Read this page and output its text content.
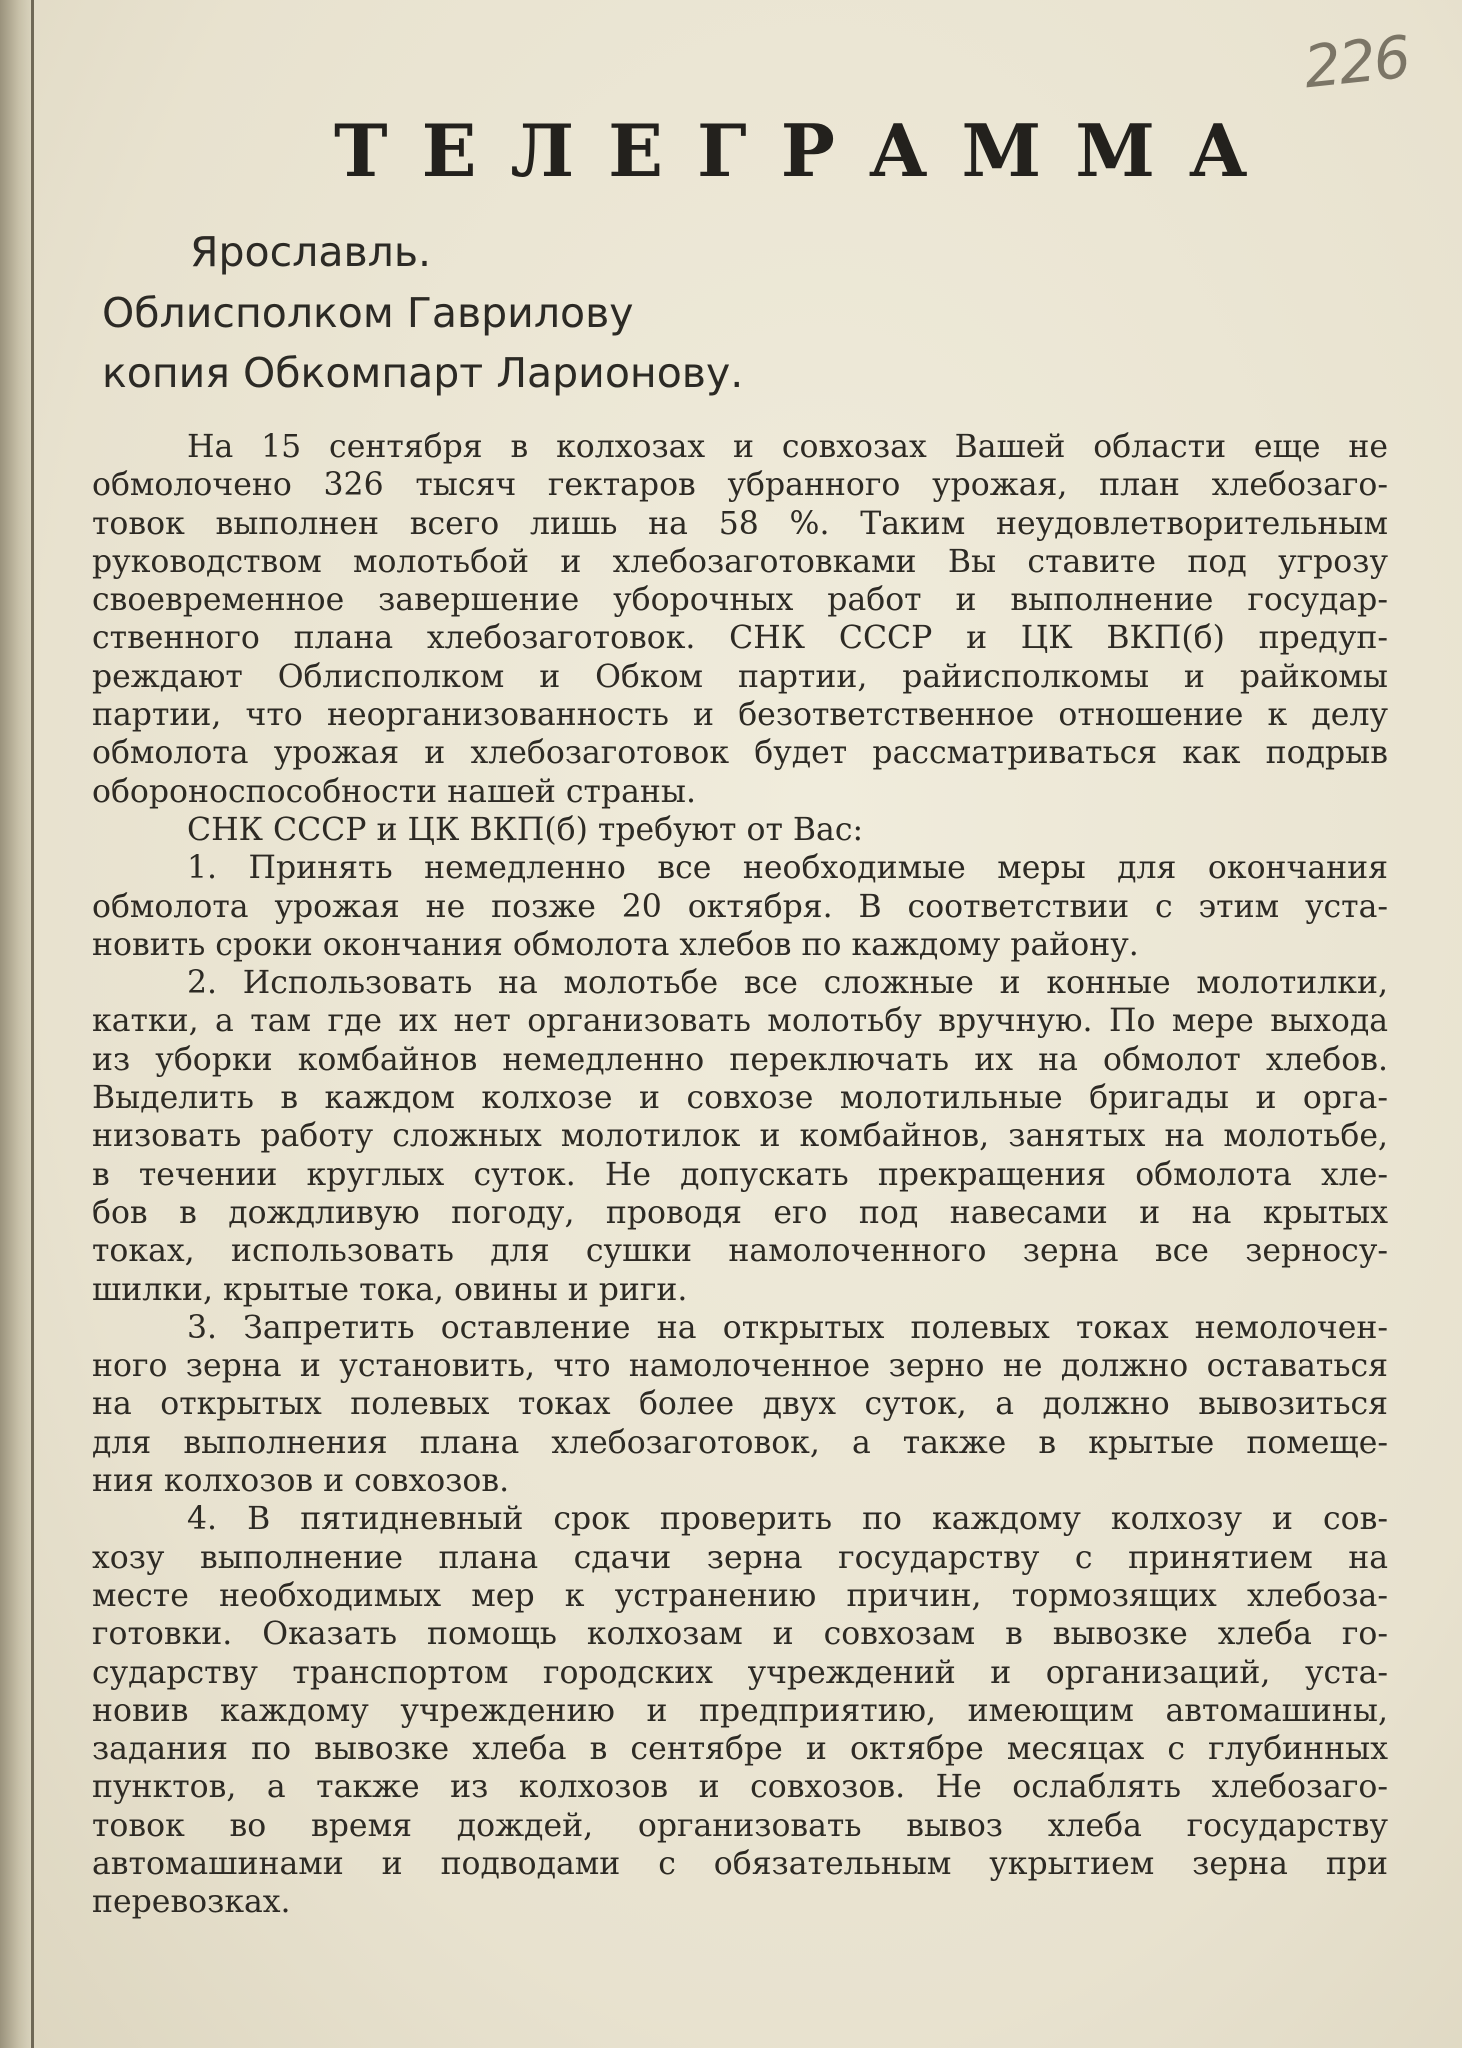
226
ТЕЛЕГРАММА
Ярославль.
Облисполком Гаврилову
копия Обкомпарт Ларионову.
На 15 сентября в колхозах и совхозах Вашей области еще не
обмолочено 326 тысяч гектаров убранного урожая, план хлебозаго-
товок выполнен всего лишь на 58 %. Таким неудовлетворительным
руководством молотьбой и хлебозаготовками Вы ставите под угрозу
своевременное завершение уборочных работ и выполнение государ-
ственного плана хлебозаготовок. СНК СССР и ЦК ВКП(б) предуп-
реждают Облисполком и Обком партии, райисполкомы и райкомы
партии, что неорганизованность и безответственное отношение к делу
обмолота урожая и хлебозаготовок будет рассматриваться как подрыв
обороноспособности нашей страны.
СНК СССР и ЦК ВКП(б) требуют от Вас:
1. Принять немедленно все необходимые меры для окончания
обмолота урожая не позже 20 октября. В соответствии с этим уста-
новить сроки окончания обмолота хлебов по каждому району.
2. Использовать на молотьбе все сложные и конные молотилки,
катки, а там где их нет организовать молотьбу вручную. По мере выхода
из уборки комбайнов немедленно переключать их на обмолот хлебов.
Выделить в каждом колхозе и совхозе молотильные бригады и орга-
низовать работу сложных молотилок и комбайнов, занятых на молотьбе,
в течении круглых суток. Не допускать прекращения обмолота хле-
бов в дождливую погоду, проводя его под навесами и на крытых
токах, использовать для сушки намолоченного зерна все зерносу-
шилки, крытые тока, овины и риги.
3. Запретить оставление на открытых полевых токах немолочен-
ного зерна и установить, что намолоченное зерно не должно оставаться
на открытых полевых токах более двух суток, а должно вывозиться
для выполнения плана хлебозаготовок, а также в крытые помеще-
ния колхозов и совхозов.
4. В пятидневный срок проверить по каждому колхозу и сов-
хозу выполнение плана сдачи зерна государству с принятием на
месте необходимых мер к устранению причин, тормозящих хлебоза-
готовки. Оказать помощь колхозам и совхозам в вывозке хлеба го-
сударству транспортом городских учреждений и организаций, уста-
новив каждому учреждению и предприятию, имеющим автомашины,
задания по вывозке хлеба в сентябре и октябре месяцах с глубинных
пунктов, а также из колхозов и совхозов. Не ослаблять хлебозаго-
товок во время дождей, организовать вывоз хлеба государству
автомашинами и подводами с обязательным укрытием зерна при
перевозках.
